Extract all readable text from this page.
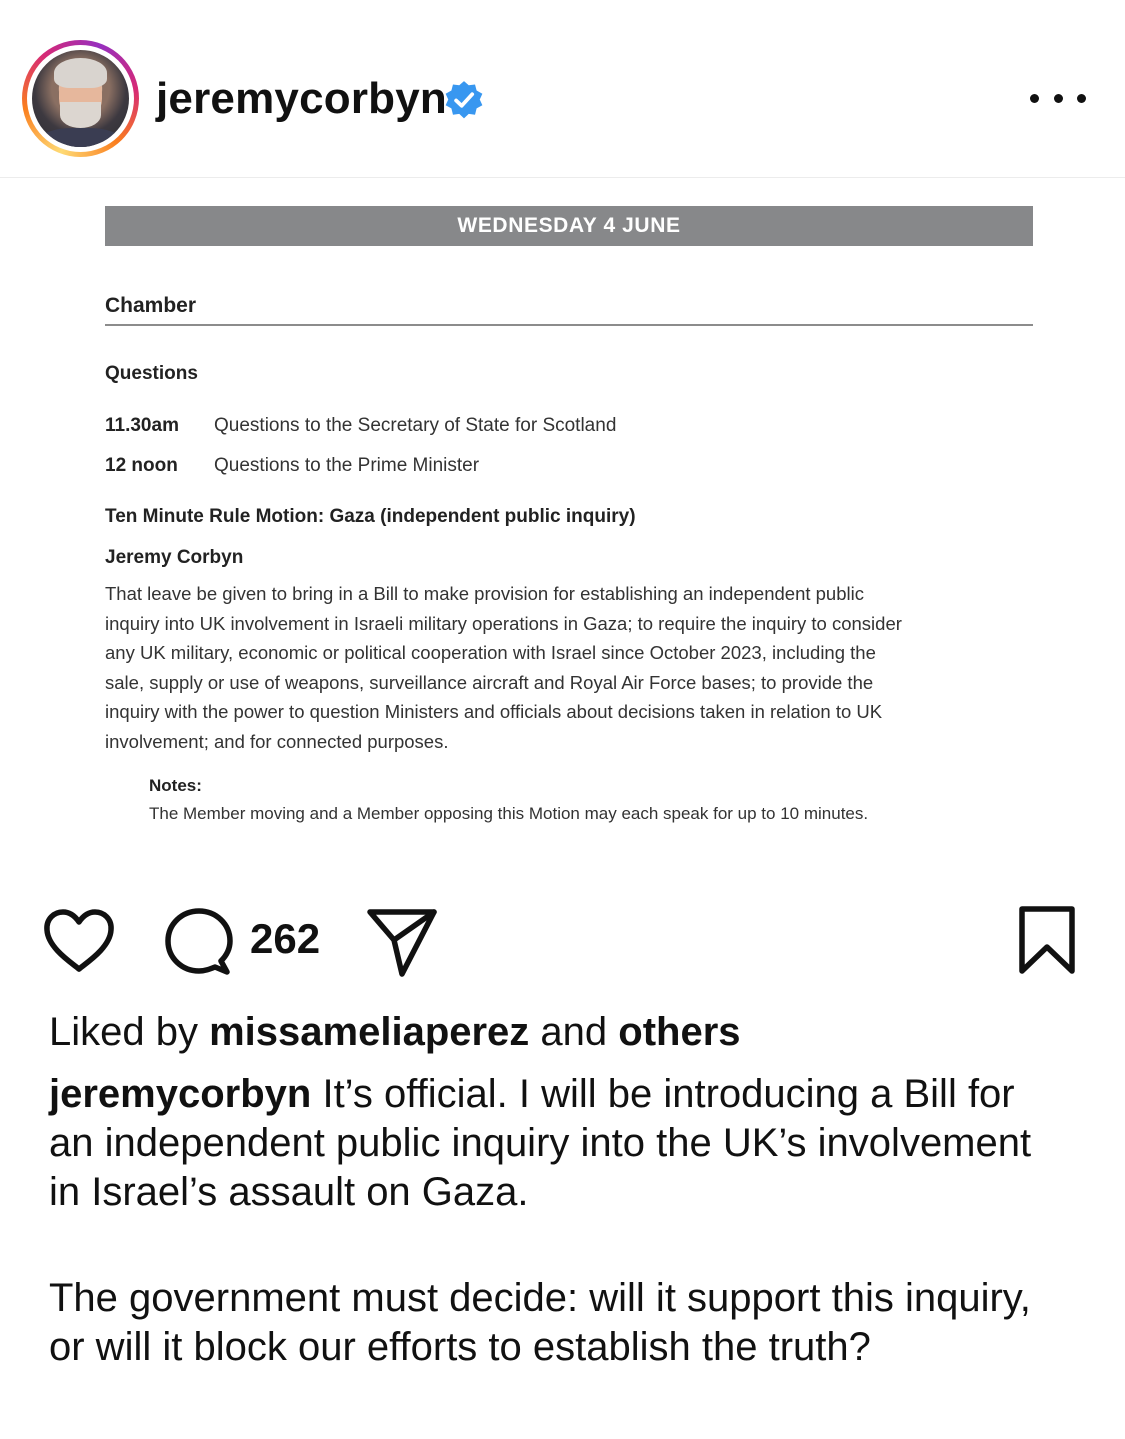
jeremycorbyn
WEDNESDAY 4 JUNE
Chamber
Questions
11.30am	Questions to the Secretary of State for Scotland
12 noon	Questions to the Prime Minister
Ten Minute Rule Motion: Gaza (independent public inquiry)
Jeremy Corbyn
That leave be given to bring in a Bill to make provision for establishing an independent public
inquiry into UK involvement in Israeli military operations in Gaza; to require the inquiry to consider
any UK military, economic or political cooperation with Israel since October 2023, including the
sale, supply or use of weapons, surveillance aircraft and Royal Air Force bases; to provide the
inquiry with the power to question Ministers and officials about decisions taken in relation to UK
involvement; and for connected purposes.
Notes:
The Member moving and a Member opposing this Motion may each speak for up to 10 minutes.
262
Liked by missameliaperez and others
jeremycorbyn It’s official. I will be introducing a Bill for an independent public inquiry into the UK’s involvement in Israel’s assault on Gaza.
The government must decide: will it support this inquiry, or will it block our efforts to establish the truth?
